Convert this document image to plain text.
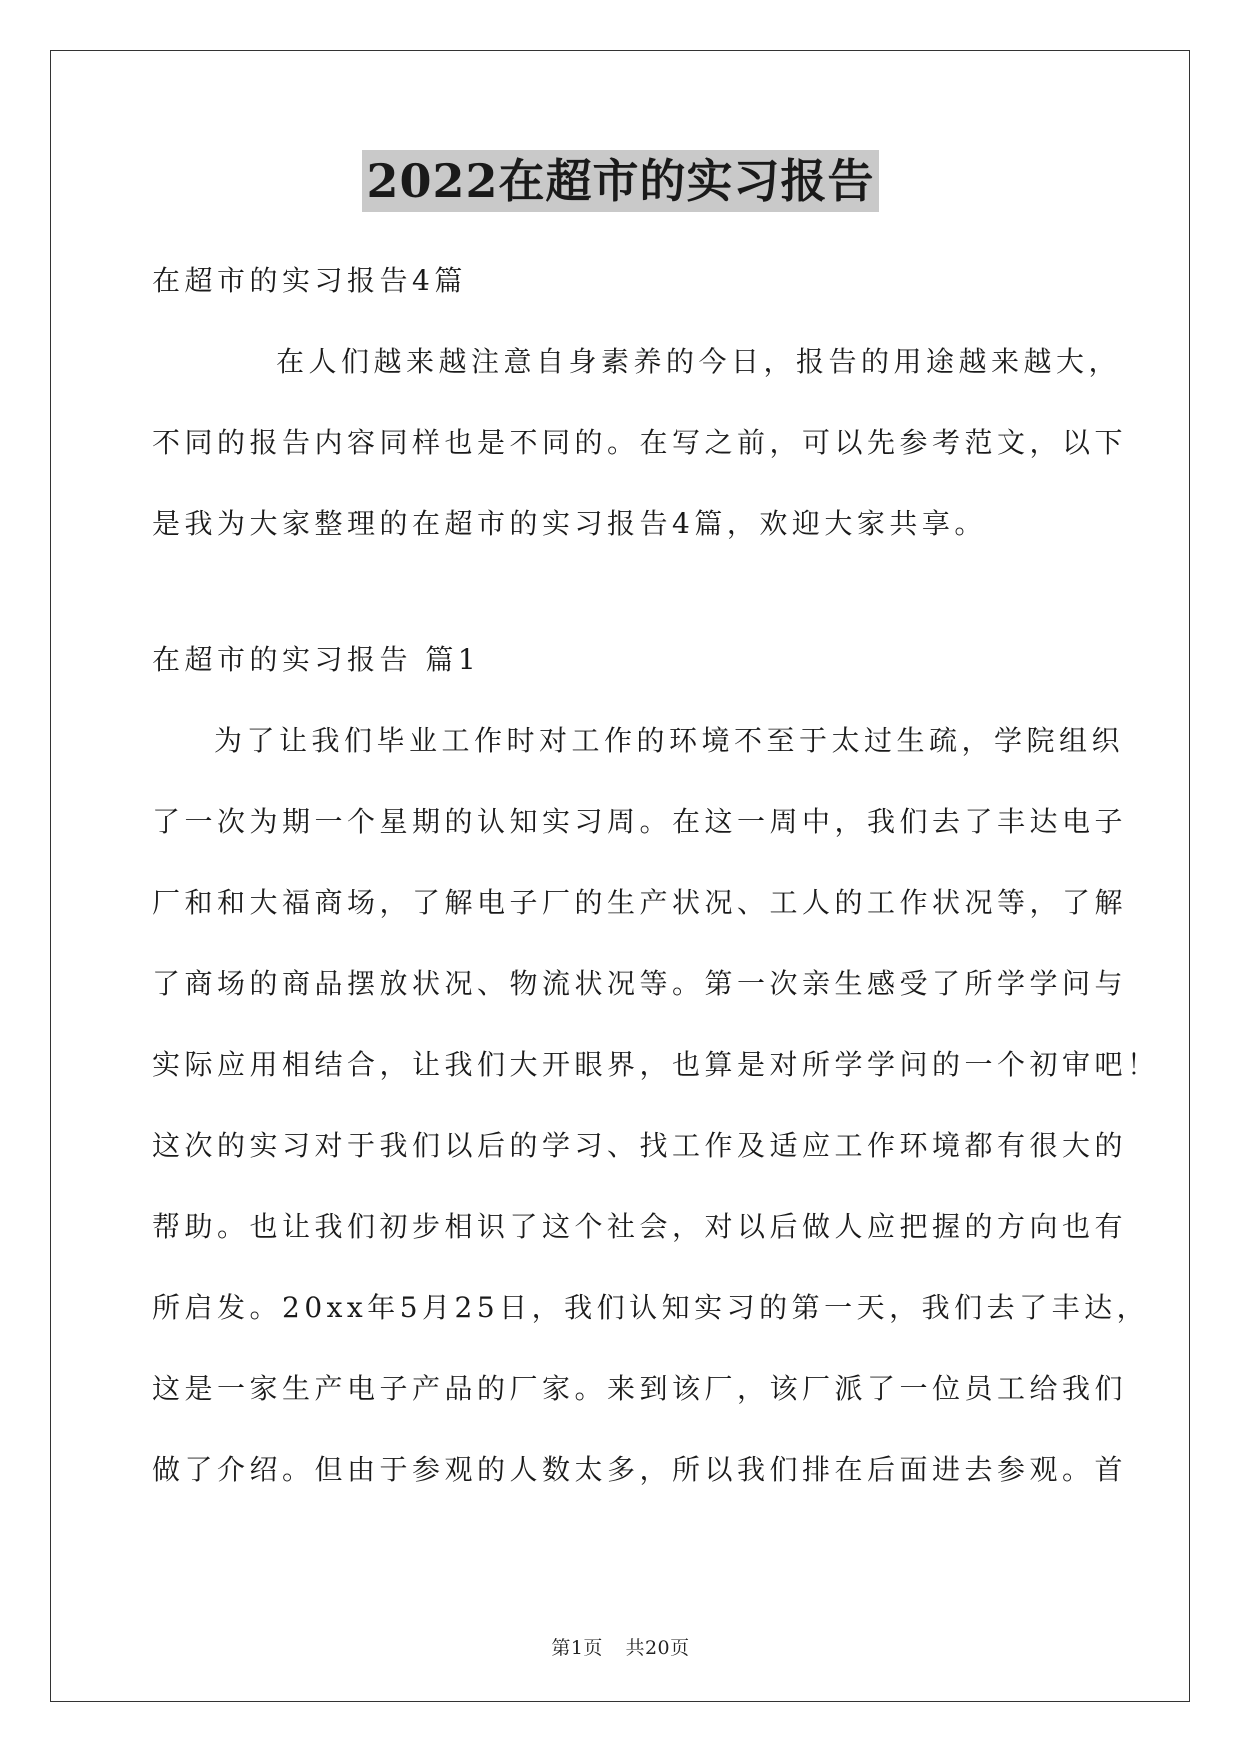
2022在超市的实习报告
在超市的实习报告4篇
在人们越来越注意自身素养的今日，报告的用途越来越大，
不同的报告内容同样也是不同的。在写之前，可以先参考范文，以下
是我为大家整理的在超市的实习报告4篇，欢迎大家共享。
在超市的实习报告 篇1
为了让我们毕业工作时对工作的环境不至于太过生疏，学院组织
了一次为期一个星期的认知实习周。在这一周中，我们去了丰达电子
厂和和大福商场，了解电子厂的生产状况、工人的工作状况等，了解
了商场的商品摆放状况、物流状况等。第一次亲生感受了所学学问与
实际应用相结合，让我们大开眼界，也算是对所学学问的一个初审吧！
这次的实习对于我们以后的学习、找工作及适应工作环境都有很大的
帮助。也让我们初步相识了这个社会，对以后做人应把握的方向也有
所启发。20xx年5月25日，我们认知实习的第一天，我们去了丰达，
这是一家生产电子产品的厂家。来到该厂，该厂派了一位员工给我们
做了介绍。但由于参观的人数太多，所以我们排在后面进去参观。首
第1页 共20页
